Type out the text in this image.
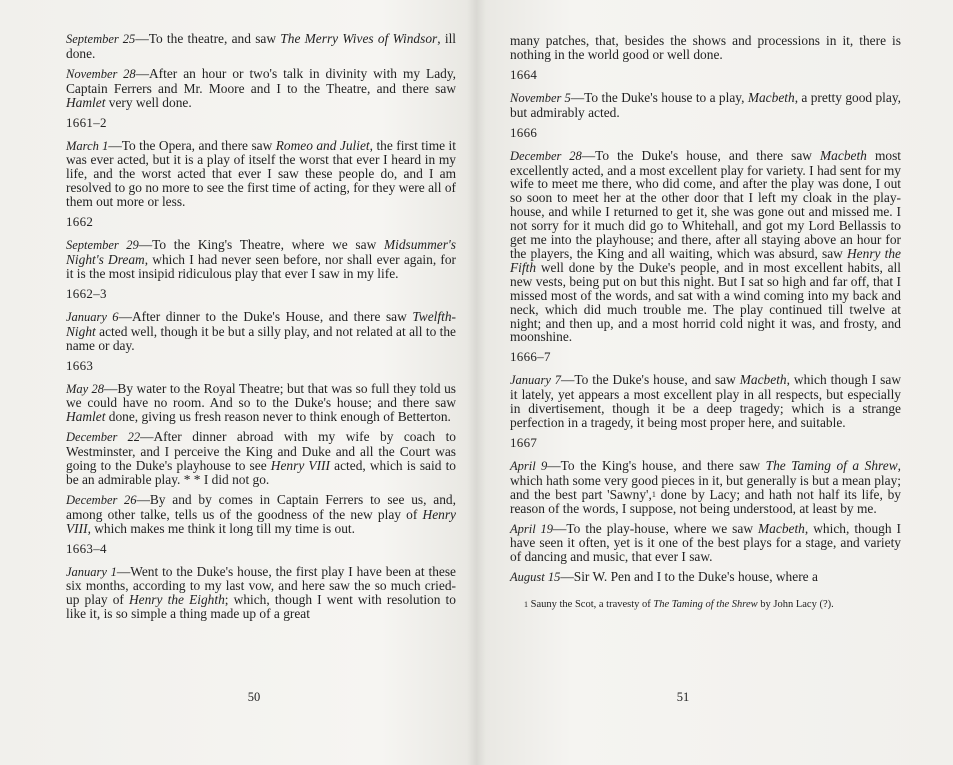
September 25—To the theatre, and saw The Merry Wives of Windsor, ill done.

November 28—After an hour or two's talk in divinity with my Lady, Captain Ferrers and Mr. Moore and I to the Theatre, and there saw Hamlet very well done.

1661–2

March 1—To the Opera, and there saw Romeo and Juliet, the first time it was ever acted, but it is a play of itself the worst that ever I heard in my life, and the worst acted that ever I saw these people do, and I am resolved to go no more to see the first time of acting, for they were all of them out more or less.

1662

September 29—To the King's Theatre, where we saw Midsummer's Night's Dream, which I had never seen before, nor shall ever again, for it is the most insipid ridiculous play that ever I saw in my life.

1662–3

January 6—After dinner to the Duke's House, and there saw Twelfth-Night acted well, though it be but a silly play, and not related at all to the name or day.

1663

May 28—By water to the Royal Theatre; but that was so full they told us we could have no room. And so to the Duke's house; and there saw Hamlet done, giving us fresh reason never to think enough of Betterton.

December 22—After dinner abroad with my wife by coach to Westminster, and I perceive the King and Duke and all the Court was going to the Duke's playhouse to see Henry VIII acted, which is said to be an admirable play. * * I did not go.

December 26—By and by comes in Captain Ferrers to see us, and, among other talke, tells us of the goodness of the new play of Henry VIII, which makes me think it long till my time is out.

1663–4

January 1—Went to the Duke's house, the first play I have been at these six months, according to my last vow, and here saw the so much cried-up play of Henry the Eighth; which, though I went with resolution to like it, is so simple a thing made up of a great

50

many patches, that, besides the shows and processions in it, there is nothing in the world good or well done.

1664

November 5—To the Duke's house to a play, Macbeth, a pretty good play, but admirably acted.

1666

December 28—To the Duke's house, and there saw Macbeth most excellently acted, and a most excellent play for variety. I had sent for my wife to meet me there, who did come, and after the play was done, I out so soon to meet her at the other door that I left my cloak in the play-house, and while I returned to get it, she was gone out and missed me. I not sorry for it much did go to Whitehall, and got my Lord Bellassis to get me into the playhouse; and there, after all staying above an hour for the players, the King and all waiting, which was absurd, saw Henry the Fifth well done by the Duke's people, and in most excellent habits, all new vests, being put on but this night. But I sat so high and far off, that I missed most of the words, and sat with a wind coming into my back and neck, which did much trouble me. The play continued till twelve at night; and then up, and a most horrid cold night it was, and frosty, and moonshine.

1666–7

January 7—To the Duke's house, and saw Macbeth, which though I saw it lately, yet appears a most excellent play in all respects, but especially in divertisement, though it be a deep tragedy; which is a strange perfection in a tragedy, it being most proper here, and suitable.

1667

April 9—To the King's house, and there saw The Taming of a Shrew, which hath some very good pieces in it, but generally is but a mean play; and the best part 'Sawny',$^1$ done by Lacy; and hath not half its life, by reason of the words, I suppose, not being understood, at least by me.

April 19—To the play-house, where we saw Macbeth, which, though I have seen it often, yet is it one of the best plays for a stage, and variety of dancing and music, that ever I saw.

August 15—Sir W. Pen and I to the Duke's house, where a

$^1$ Sauny the Scot, a travesty of The Taming of the Shrew by John Lacy (?).
51
